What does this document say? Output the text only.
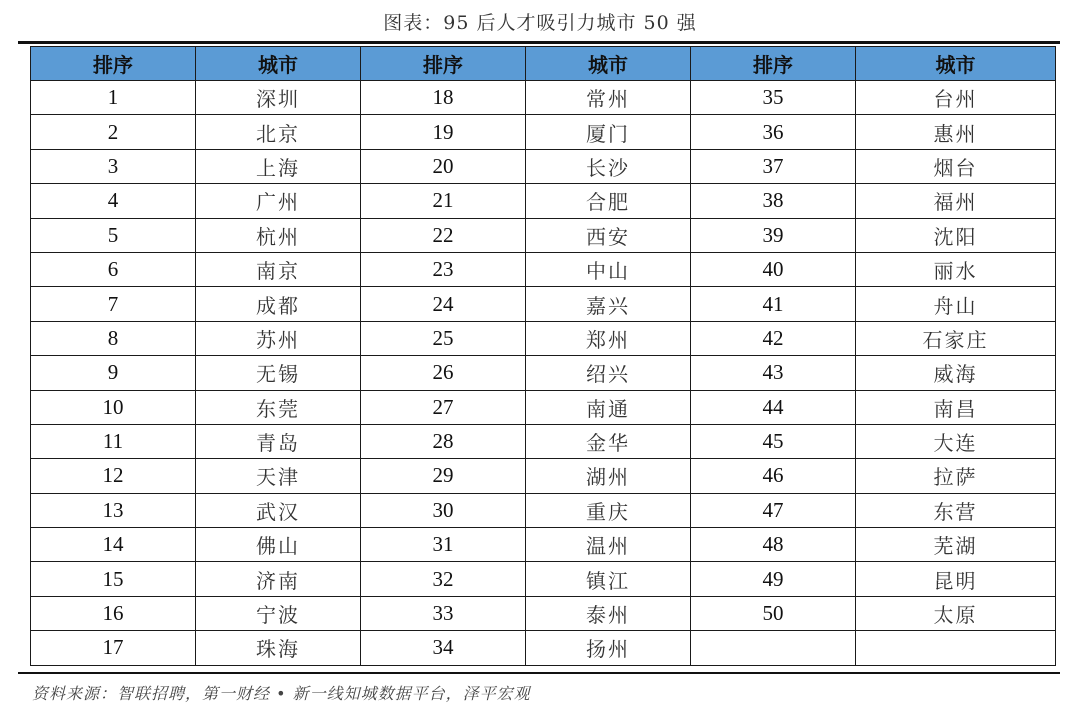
图表：95 后人才吸引力城市 50 强
排序	城市	排序	城市	排序	城市
1	深圳	18	常州	35	台州
2	北京	19	厦门	36	惠州
3	上海	20	长沙	37	烟台
4	广州	21	合肥	38	福州
5	杭州	22	西安	39	沈阳
6	南京	23	中山	40	丽水
7	成都	24	嘉兴	41	舟山
8	苏州	25	郑州	42	石家庄
9	无锡	26	绍兴	43	威海
10	东莞	27	南通	44	南昌
11	青岛	28	金华	45	大连
12	天津	29	湖州	46	拉萨
13	武汉	30	重庆	47	东营
14	佛山	31	温州	48	芜湖
15	济南	32	镇江	49	昆明
16	宁波	33	泰州	50	太原
17	珠海	34	扬州		
资料来源：智联招聘，第一财经 • 新一线知城数据平台，泽平宏观
